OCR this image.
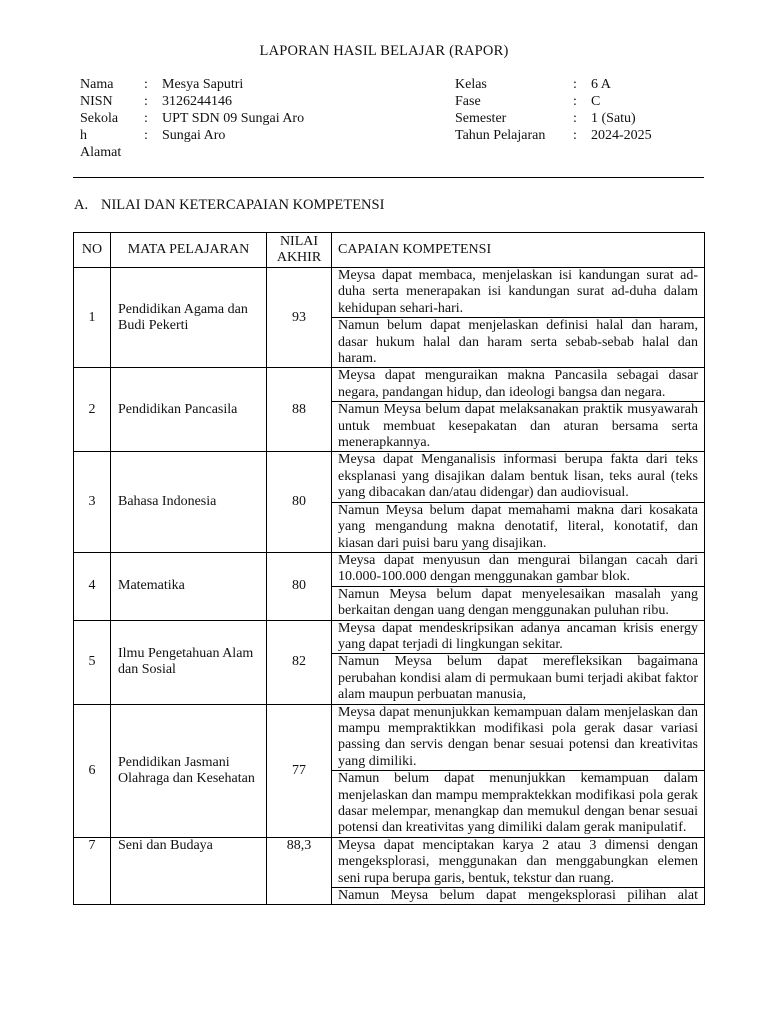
LAPORAN HASIL BELAJAR (RAPOR)
Nama	:	Mesya Saputri
NISN	:	3126244146
Sekola	:	UPT SDN 09 Sungai Aro
h	:	Sungai Aro
Alamat
Kelas	:	6 A
Fase	:	C
Semester	:	1 (Satu)
Tahun Pelajaran	:	2024-2025
A. NILAI DAN KETERCAPAIAN KOMPETENSI
NO	MATA PELAJARAN	NILAI AKHIR	CAPAIAN KOMPETENSI
1	Pendidikan Agama dan Budi Pekerti	93	Meysa dapat membaca, menjelaskan isi kandungan surat ad-duha serta menerapakan isi kandungan surat ad-duha dalam kehidupan sehari-hari.
			Namun belum dapat menjelaskan definisi halal dan haram, dasar hukum halal dan haram serta sebab-sebab halal dan haram.
2	Pendidikan Pancasila	88	Meysa dapat menguraikan makna Pancasila sebagai dasar negara, pandangan hidup, dan ideologi bangsa dan negara.
			Namun Meysa belum dapat melaksanakan praktik musyawarah untuk membuat kesepakatan dan aturan bersama serta menerapkannya.
3	Bahasa Indonesia	80	Meysa dapat Menganalisis informasi berupa fakta dari teks eksplanasi yang disajikan dalam bentuk lisan, teks aural (teks yang dibacakan dan/atau didengar) dan audiovisual.
			Namun Meysa belum dapat memahami makna dari kosakata yang mengandung makna denotatif, literal, konotatif, dan kiasan dari puisi baru yang disajikan.
4	Matematika	80	Meysa dapat menyusun dan mengurai bilangan cacah dari 10.000-100.000 dengan menggunakan gambar blok.
			Namun Meysa belum dapat menyelesaikan masalah yang berkaitan dengan uang dengan menggunakan puluhan ribu.
5	Ilmu Pengetahuan Alam dan Sosial	82	Meysa dapat mendeskripsikan adanya ancaman krisis energy yang dapat terjadi di lingkungan sekitar.
			Namun Meysa belum dapat merefleksikan bagaimana perubahan kondisi alam di permukaan bumi terjadi akibat faktor alam maupun perbuatan manusia,
6	Pendidikan Jasmani Olahraga dan Kesehatan	77	Meysa dapat menunjukkan kemampuan dalam menjelaskan dan mampu mempraktikkan modifikasi pola gerak dasar variasi passing dan servis dengan benar sesuai potensi dan kreativitas yang dimiliki.
			Namun belum dapat menunjukkan kemampuan dalam menjelaskan dan mampu mempraktekkan modifikasi pola gerak dasar melempar, menangkap dan memukul dengan benar sesuai potensi dan kreativitas yang dimiliki dalam gerak manipulatif.
7	Seni dan Budaya	88,3	Meysa dapat menciptakan karya 2 atau 3 dimensi dengan mengeksplorasi, menggunakan dan menggabungkan elemen seni rupa berupa garis, bentuk, tekstur dan ruang.
			Namun Meysa belum dapat mengeksplorasi pilihan alat
